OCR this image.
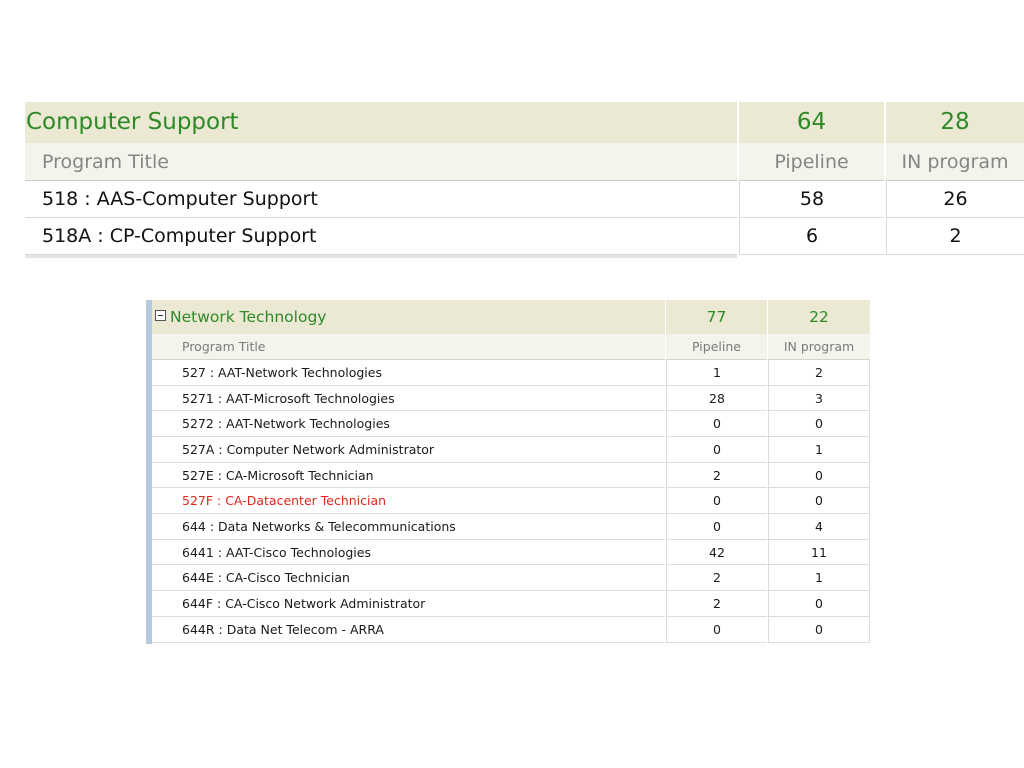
Computer Support	64	28
Program Title	Pipeline	IN program
518 : AAS-Computer Support	58	26
518A : CP-Computer Support	6	2
Network Technology	77	22
Program Title	Pipeline	IN program
527 : AAT-Network Technologies	1	2
5271 : AAT-Microsoft Technologies	28	3
5272 : AAT-Network Technologies	0	0
527A : Computer Network Administrator	0	1
527E : CA-Microsoft Technician	2	0
527F : CA-Datacenter Technician	0	0
644 : Data Networks & Telecommunications	0	4
6441 : AAT-Cisco Technologies	42	11
644E : CA-Cisco Technician	2	1
644F : CA-Cisco Network Administrator	2	0
644R : Data Net Telecom - ARRA	0	0
